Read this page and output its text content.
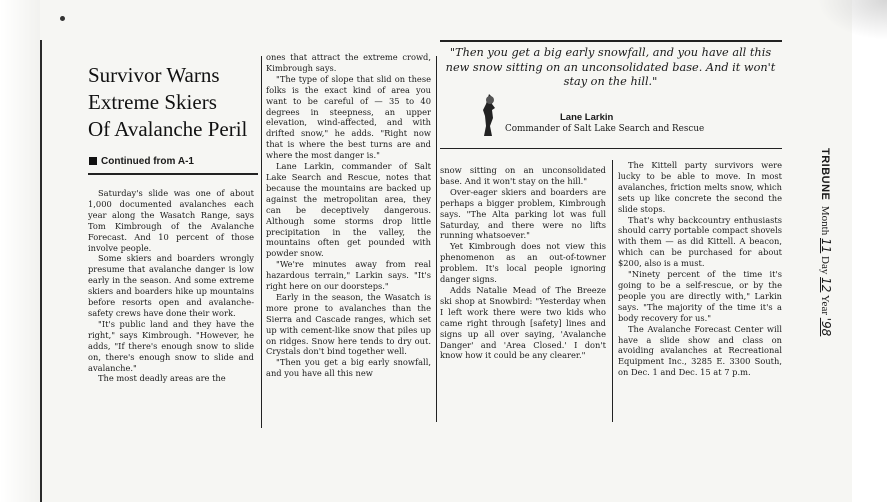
Survivor Warns
Extreme Skiers
Of Avalanche Peril
Continued from A-1

Saturday's slide was one of about 1,000 documented avalanches each year along the Wasatch Range, says Tom Kimbrough of the Avalanche Forecast. And 10 percent of those involve people.

Some skiers and boarders wrongly presume that avalanche danger is low early in the season. And some extreme skiers and boarders hike up mountains before resorts open and avalanche-safety crews have done their work.

"It's public land and they have the right," says Kimbrough. "However, he adds, "If there's enough snow to slide on, there's enough snow to slide and avalanche."

The most deadly areas are the

ones that attract the extreme crowd, Kimbrough says.

"The type of slope that slid on these folks is the exact kind of area you want to be careful of — 35 to 40 degrees in steepness, an upper elevation, wind-affected, and with drifted snow," he adds. "Right now that is where the best turns are and where the most danger is."

Lane Larkin, commander of Salt Lake Search and Rescue, notes that because the mountains are backed up against the metropolitan area, they can be deceptively dangerous. Although some storms drop little precipitation in the valley, the mountains often get pounded with powder snow.

"We're minutes away from real hazardous terrain," Larkin says. "It's right here on our doorsteps."

Early in the season, the Wasatch is more prone to avalanches than the Sierra and Cascade ranges, which set up with cement-like snow that piles up on ridges. Snow here tends to dry out. Crystals don't bind together well.

"Then you get a big early snowfall, and you have all this new

"Then you get a big early snowfall, and you have all this new snow sitting on an unconsolidated base. And it won't stay on the hill."
Lane Larkin
Commander of Salt Lake Search and Rescue

snow sitting on an unconsolidated base. And it won't stay on the hill."

Over-eager skiers and boarders are perhaps a bigger problem, Kimbrough says. "The Alta parking lot was full Saturday, and there were no lifts running whatsoever."

Yet Kimbrough does not view this phenomenon as an out-of-towner problem. It's local people ignoring danger signs.

Adds Natalie Mead of The Breeze ski shop at Snowbird: "Yesterday when I left work there were two kids who came right through [safety] lines and signs up all over saying, 'Avalanche Danger' and 'Area Closed.' I don't know how it could be any clearer."

The Kittell party survivors were lucky to be able to move. In most avalanches, friction melts snow, which sets up like concrete the second the slide stops.

That's why backcountry enthusiasts should carry portable compact shovels with them — as did Kittell. A beacon, which can be purchased for about $200, also is a must.

"Ninety percent of the time it's going to be a self-rescue, or by the people you are directly with," Larkin says. "The majority of the time it's a body recovery for us."

The Avalanche Forecast Center will have a slide show and class on avoiding avalanches at Recreational Equipment Inc., 3285 E. 3300 South, on Dec. 1 and Dec. 15 at 7 p.m.

TRIBUNE  Month 11 Day 12 Year '98
